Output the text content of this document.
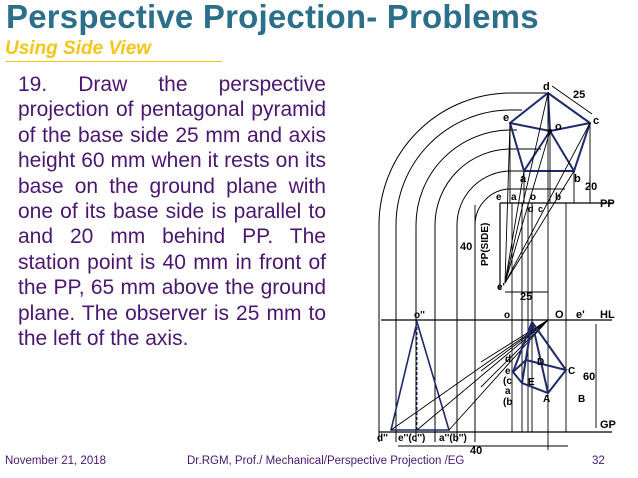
Perspective Projection- Problems
Using Side View

19. Draw the perspective projection of pentagonal pyramid of the base side 25 mm and axis height 60 mm when it rests on its base on the ground plane with one of its base side is parallel to and 20 mm behind PP. The station point is 40 mm in front of the PP, 65 mm above the ground plane. The observer is 25 mm to the left of the axis.

d
e	c
o
a	b
25
20
PP
e a o b
d c
40 PP(SIDE)
e'
25
o''	o	O e' HL
d
e
(c
a
(b
D
C
E
A	B
60
GP
d'' e''(c'') a''(b'')
40
November 21, 2018	Dr.RGM, Prof./ Mechanical/Perspective Projection /EG	32
